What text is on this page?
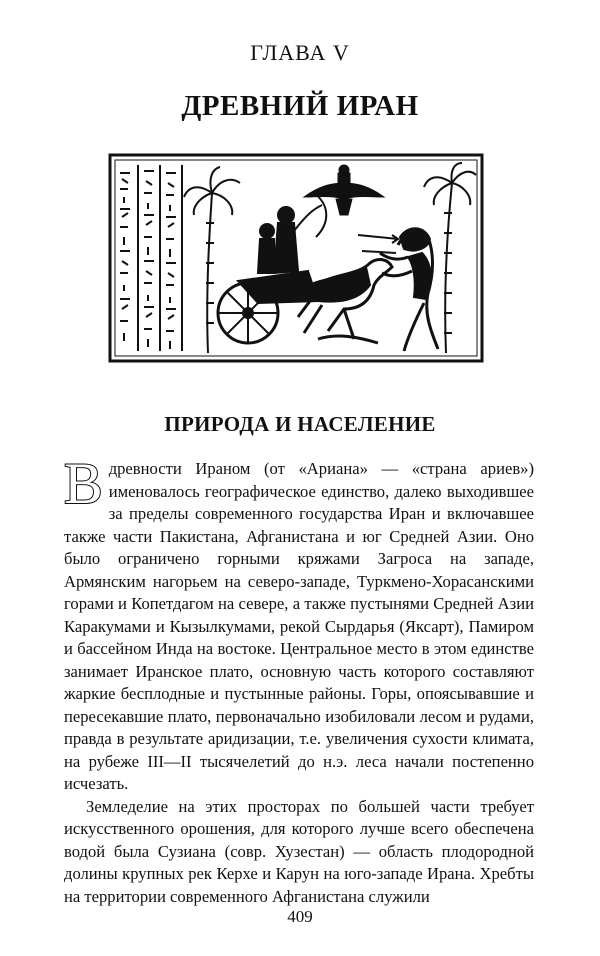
ГЛАВА V
ДРЕВНИЙ ИРАН
ПРИРОДА И НАСЕЛЕНИЕ

Вдревности Ираном (от «Ариана» — «страна ариев») именовалось географическое единство, далеко выходившее за пределы современного государства Иран и включавшее также части Пакистана, Афганистана и юг Средней Азии. Оно было ограничено горными кряжами Загроса на западе, Армянским нагорьем на северо-западе, Туркмено-Хорасанскими горами и Копетдагом на севере, а также пустынями Средней Азии Каракумами и Кызылкумами, рекой Сырдарья (Яксарт), Памиром и бассейном Инда на востоке. Центральное место в этом единстве занимает Иранское плато, основную часть которого составляют жаркие бесплодные и пустынные районы. Горы, опоясывавшие и пересекавшие плато, первоначально изобиловали лесом и рудами, правда в результате аридизации, т.е. увеличения сухости климата, на рубеже III—II тысячелетий до н.э. леса начали постепенно исчезать.

Земледелие на этих просторах по большей части требует искусственного орошения, для которого лучше всего обеспечена водой была Сузиана (совр. Хузестан) — область плодородной долины крупных рек Керхе и Карун на юго-западе Ирана. Хребты на территории современного Афганистана служили

409
